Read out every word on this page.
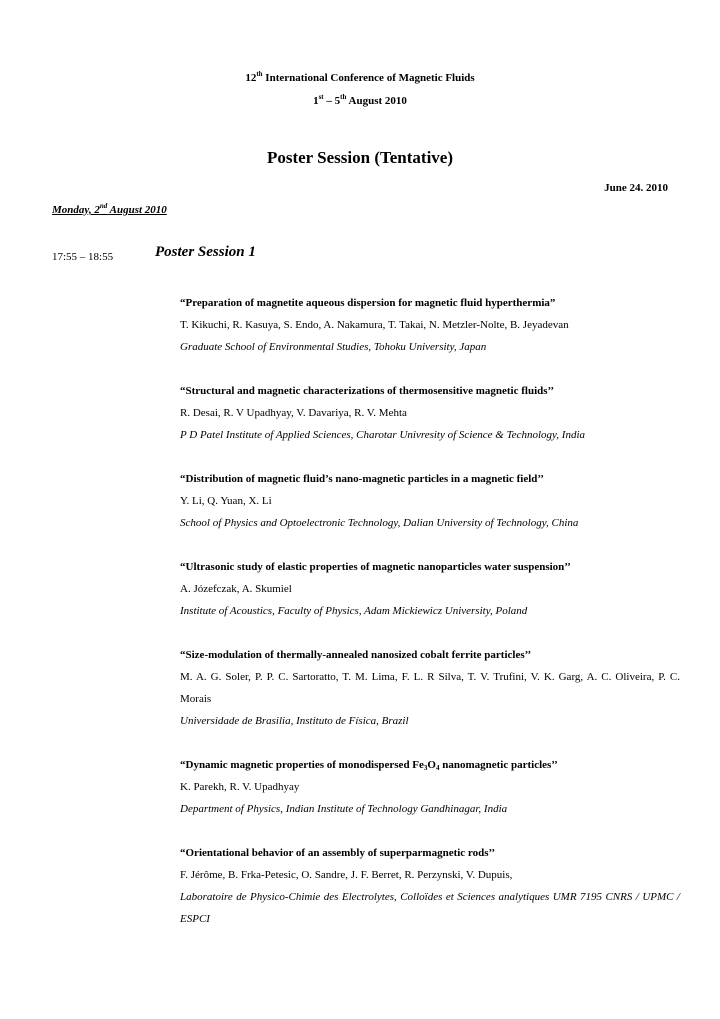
12th International Conference of Magnetic Fluids
1st – 5th August 2010
Poster Session (Tentative)
June 24. 2010
Monday, 2nd August 2010
17:55 – 18:55	Poster Session 1
“Preparation of magnetite aqueous dispersion for magnetic fluid hyperthermia”
T. Kikuchi, R. Kasuya, S. Endo, A. Nakamura, T. Takai, N. Metzler-Nolte, B. Jeyadevan
Graduate School of Environmental Studies, Tohoku University, Japan
“Structural and magnetic characterizations of thermosensitive magnetic fluids’’
R. Desai, R. V Upadhyay, V. Davariya, R. V. Mehta
P D Patel Institute of Applied Sciences, Charotar Univresity of Science & Technology, India
“Distribution of magnetic fluid’s nano-magnetic particles in a magnetic field’’
Y. Li, Q. Yuan, X. Li
School of Physics and Optoelectronic Technology, Dalian University of Technology, China
“Ultrasonic study of elastic properties of magnetic nanoparticles water suspension’’
A. Józefczak, A. Skumiel
Institute of Acoustics, Faculty of Physics, Adam Mickiewicz University, Poland
“Size-modulation of thermally-annealed nanosized cobalt ferrite particles’’
M. A. G. Soler, P. P. C. Sartoratto, T. M. Lima, F. L. R Silva, T. V. Trufini, V. K. Garg, A. C. Oliveira, P. C. Morais
Universidade de Brasilia, Instituto de Física, Brazil
“Dynamic magnetic properties of monodispersed $Fe_3O_4$ nanomagnetic particles’’
K. Parekh, R. V. Upadhyay
Department of Physics, Indian Institute of Technology Gandhinagar, India
“Orientational behavior of an assembly of superparmagnetic rods’’
F. Jérôme, B. Frka-Petesic, O. Sandre, J. F. Berret, R. Perzynski, V. Dupuis,
Laboratoire de Physico-Chimie des Electrolytes, Colloïdes et Sciences analytiques UMR 7195 CNRS / UPMC / ESPCI
